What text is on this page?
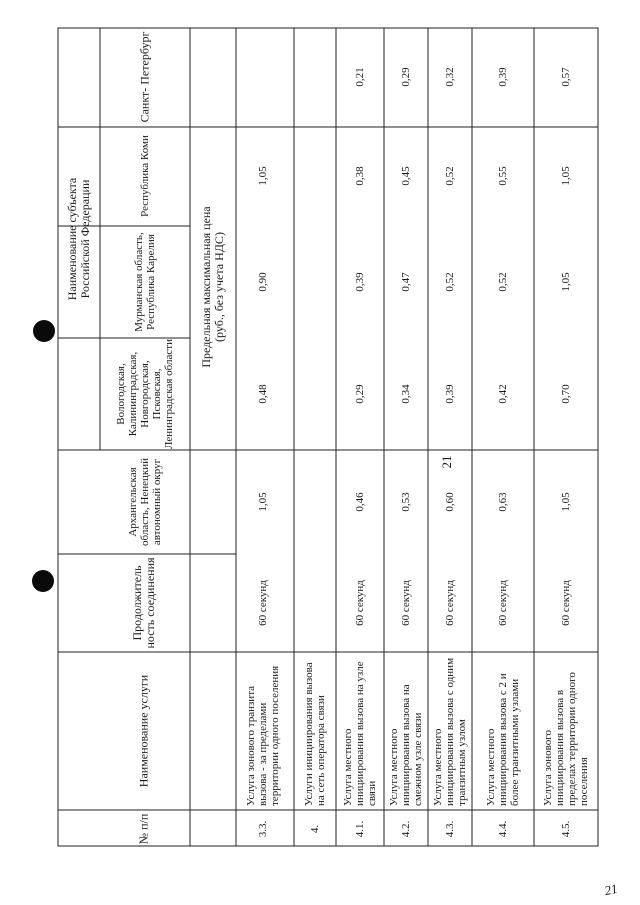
21
№ п/п
Наименование услуги
Продолжитель ность соединения
Наименование субъекта Российской Федерации	Предельная максимальная цена (руб., без учета НДС)
Архангельская область, Ненецкий автономный округ
Вологодская, Калининградская, Новгородская, Псковская, Ленинградская области
Мурманская область, Республика Карелия
Республика Коми
Санкт- Петербург
3.3.
Услуга зонового транзита вызова - за пределами территории одного поселения
60 секунд
1,05
0,48
0,90
1,05
4.
Услуги инициирования вызова на сеть оператора связи
4.1.
Услуга местного инициирования вызова на узле связи
60 секунд
0,46
0,29
0,39
0,38
0,21
4.2.
Услуга местного инициирования вызова на смежном узле связи
60 секунд
0,53
0,34
0,47
0,45
0,29
4.3.
Услуга местного инициирования вызова с одним транзитным узлом
60 секунд
0,60
0,39
0,52
0,52
0,32
4.4.
Услуга местного инициирования вызова с 2 и более транзитными узлами
60 секунд
0,63
0,42
0,52
0,55
0,39
4.5.
Услуга зонового инициирования вызова в пределах территории одного поселения
60 секунд
1,05
0,70
1,05
1,05
0,57
21
